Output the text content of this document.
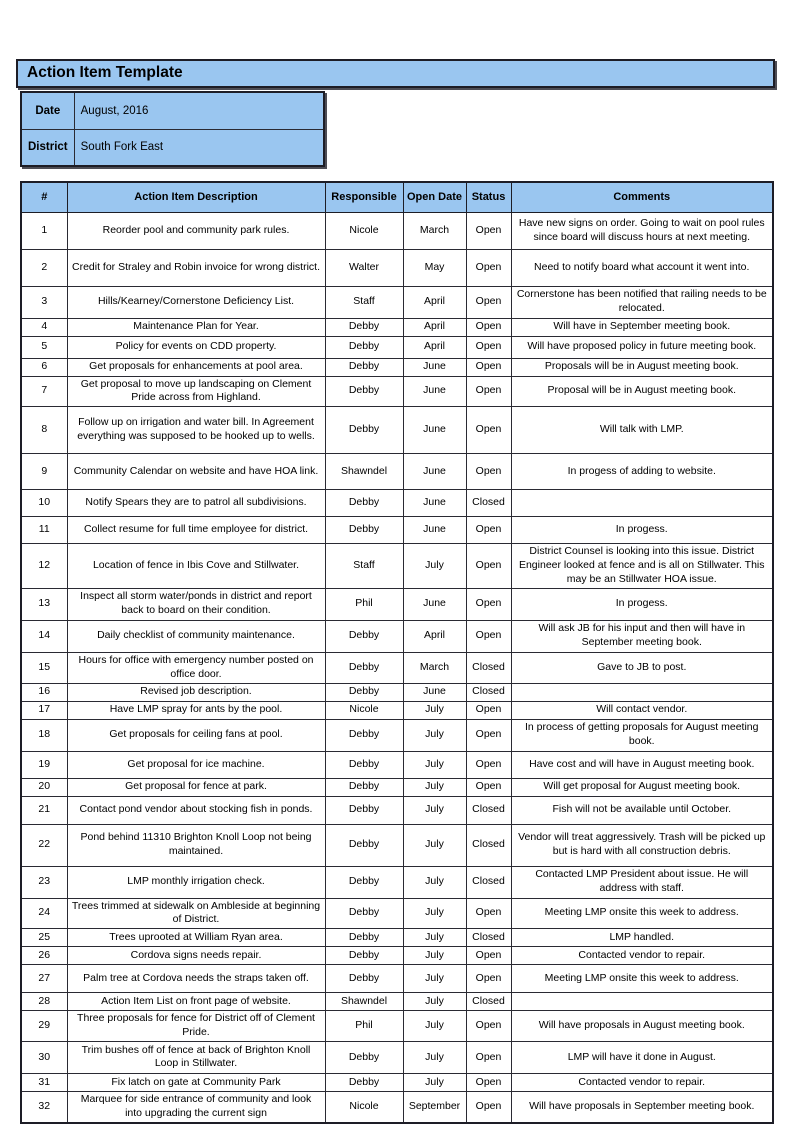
Action Item Template
Date	August, 2016
District	South Fork East
#	Action Item Description	Responsible	Open Date	Status	Comments
1	Reorder pool and community park rules.	Nicole	March	Open	Have new signs on order. Going to wait on pool rules since board will discuss hours at next meeting.
2	Credit for Straley and Robin invoice for wrong district.	Walter	May	Open	Need to notify board what account it went into.
3	Hills/Kearney/Cornerstone Deficiency List.	Staff	April	Open	Cornerstone has been notified that railing needs to be relocated.
4	Maintenance Plan for Year.	Debby	April	Open	Will have in September meeting book.
5	Policy for events on CDD property.	Debby	April	Open	Will have proposed policy in future meeting book.
6	Get proposals for enhancements at pool area.	Debby	June	Open	Proposals will be in August meeting book.
7	Get proposal to move up landscaping on Clement Pride across from Highland.	Debby	June	Open	Proposal will be in August meeting book.
8	Follow up on irrigation and water bill. In Agreement everything was supposed to be hooked up to wells.	Debby	June	Open	Will talk with LMP.
9	Community Calendar on website and have HOA link.	Shawndel	June	Open	In progess of adding to website.
10	Notify Spears they are to patrol all subdivisions.	Debby	June	Closed	
11	Collect resume for full time employee for district.	Debby	June	Open	In progess.
12	Location of fence in Ibis Cove and Stillwater.	Staff	July	Open	District Counsel is looking into this issue. District Engineer looked at fence and is all on Stillwater. This may be an Stillwater HOA issue.
13	Inspect all storm water/ponds in district and report back to board on their condition.	Phil	June	Open	In progess.
14	Daily checklist of community maintenance.	Debby	April	Open	Will ask JB for his input and then will have in September meeting book.
15	Hours for office with emergency number posted on office door.	Debby	March	Closed	Gave to JB to post.
16	Revised job description.	Debby	June	Closed	
17	Have LMP spray for ants by the pool.	Nicole	July	Open	Will contact vendor.
18	Get proposals for ceiling fans at pool.	Debby	July	Open	In process of getting proposals for August meeting book.
19	Get proposal for ice machine.	Debby	July	Open	Have cost and will have in August meeting book.
20	Get proposal for fence at park.	Debby	July	Open	Will get proposal for August meeting book.
21	Contact pond vendor about stocking fish in ponds.	Debby	July	Closed	Fish will not be available until October.
22	Pond behind 11310 Brighton Knoll Loop not being maintained.	Debby	July	Closed	Vendor will treat aggressively. Trash will be picked up but is hard with all construction debris.
23	LMP monthly irrigation check.	Debby	July	Closed	Contacted LMP President about issue. He will address with staff.
24	Trees trimmed at sidewalk on Ambleside at beginning of District.	Debby	July	Open	Meeting LMP onsite this week to address.
25	Trees uprooted at William Ryan area.	Debby	July	Closed	LMP handled.
26	Cordova signs needs repair.	Debby	July	Open	Contacted vendor to repair.
27	Palm tree at Cordova needs the straps taken off.	Debby	July	Open	Meeting LMP onsite this week to address.
28	Action Item List on front page of website.	Shawndel	July	Closed	
29	Three proposals for fence for District off of Clement Pride.	Phil	July	Open	Will have proposals in August meeting book.
30	Trim bushes off of fence at back of Brighton Knoll Loop in Stillwater.	Debby	July	Open	LMP will have it done in August.
31	Fix latch on gate at Community Park	Debby	July	Open	Contacted vendor to repair.
32	Marquee for side entrance of community and look into upgrading the current sign	Nicole	September	Open	Will have proposals in September meeting book.
